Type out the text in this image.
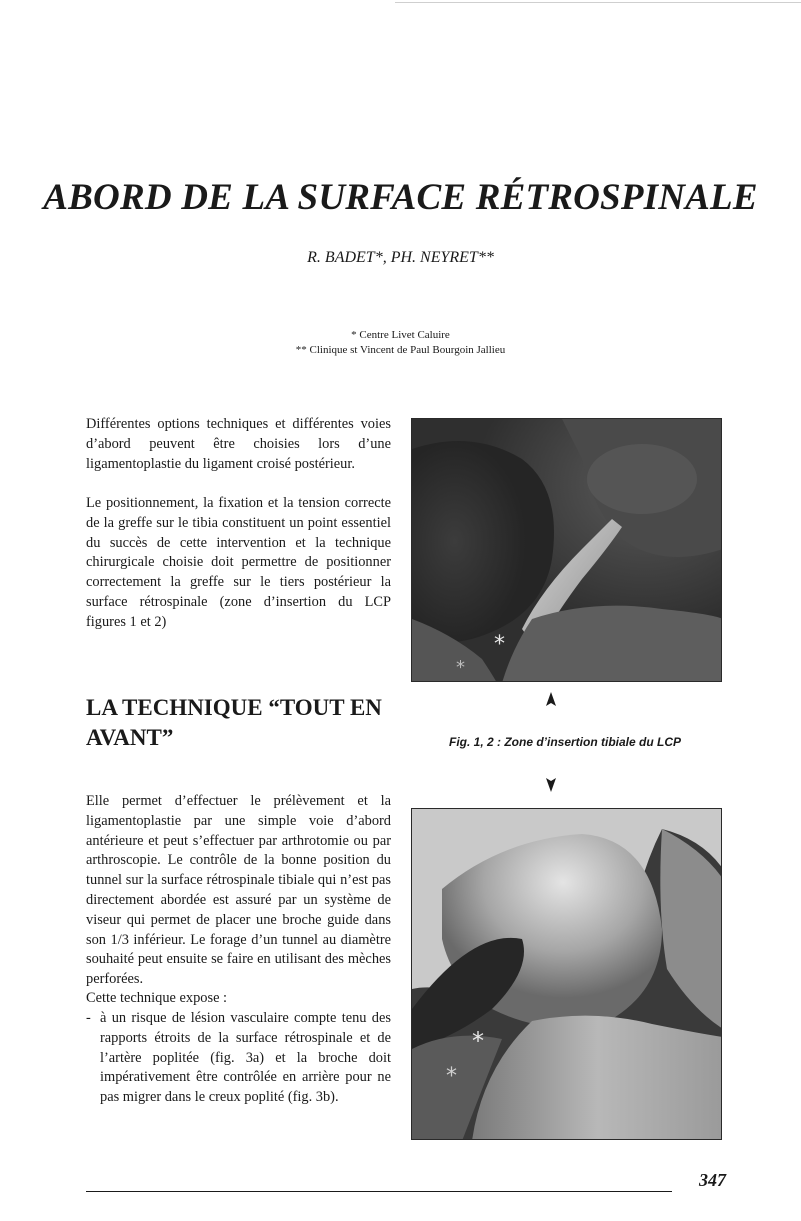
ABORD DE LA SURFACE RÉTROSPINALE

R. BADET*, PH. NEYRET**

* Centre Livet Caluire

** Clinique st Vincent de Paul Bourgoin Jallieu

Différentes options techniques et différentes voies d’abord peuvent être choisies lors d’une ligamentoplastie du ligament croisé postérieur.

Le positionnement, la fixation et la tension correcte de la greffe sur le tibia constituent un point essentiel du succès de cette intervention et la technique chirurgicale choisie doit permettre de positionner correctement la greffe sur le tiers postérieur la surface rétrospinale (zone d’insertion du LCP figures 1 et 2)

LA TECHNIQUE “TOUT EN AVANT”

Elle permet d’effectuer le prélèvement et la ligamentoplastie par une simple voie d’abord antérieure et peut s’effectuer par arthrotomie ou par arthroscopie. Le contrôle de la bonne position du tunnel sur la surface rétrospinale tibiale qui n’est pas directement abordée est assuré par un système de viseur qui permet de placer une broche guide dans son 1/3 inférieur. Le forage d’un tunnel au diamètre souhaité peut ensuite se faire en utilisant des mèches perforées.

Cette technique expose :

- à un risque de lésion vasculaire compte tenu des rapports étroits de la surface rétrospinale et de l’artère poplitée (fig. 3a) et la broche doit impérativement être contrôlée en arrière pour ne pas migrer dans le creux poplité (fig. 3b).
*
*

Fig. 1, 2 : Zone d’insertion tibiale du LCP

*
*

347
